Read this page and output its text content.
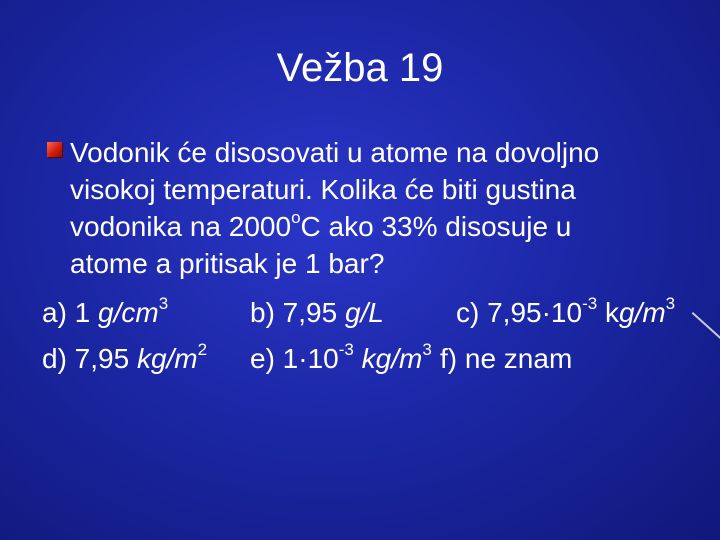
Vežba 19
Vodonik će disosovati u atome na dovoljno
visokoj temperaturi. Kolika će biti gustina
vodonika na 2000$^o$C ako 33% disosuje u
atome a pritisak je 1 bar?
a) 1 $g/cm^3$	b) 7,95 g/L	c) $7,95\cdot 10^{-3}$ $kg/m^3$
d) 7,95 $kg/m^2$ e) $1\cdot 10^{-3}$ $kg/m^3$ f) ne znam
